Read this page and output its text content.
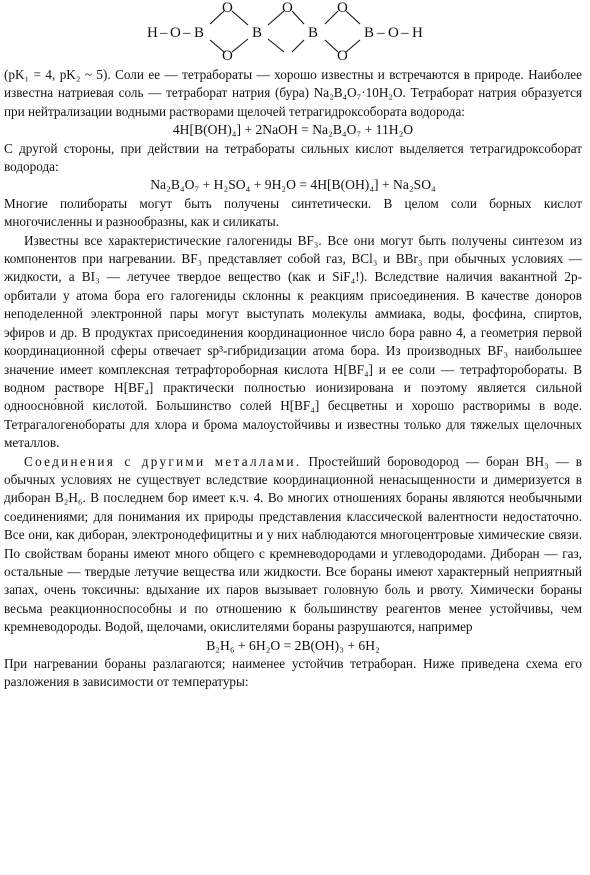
H – O – B
O
O
B
O
B
O
O
B – O – H

(pK₁ = 4, pK₂ ~ 5). Соли ее — тетрабораты — хорошо известны и встречаются в природе. Наиболее известна натриевая соль — тетраборат натрия (бура) Na₂B₄O₇·10H₂O. Тетраборат натрия образуется при нейтрализации водными растворами щелочей тетрагидроксобората водорода:

4H[B(OH)₄] + 2NaOH = Na₂B₄O₇ + 11H₂O

С другой стороны, при действии на тетрабораты сильных кислот выделяется тетрагидроксоборат водорода:

Na₂B₄O₇ + H₂SO₄ + 9H₂O = 4H[B(OH)₄] + Na₂SO₄

Многие полибораты могут быть получены синтетически. В целом соли борных кислот многочисленны и разнообразны, как и силикаты.

Известны все характеристические галогениды BF₃. Все они могут быть получены синтезом из компонентов при нагревании. BF₃ представляет собой газ, BCl₃ и BBr₃ при обычных условиях — жидкости, а BI₃ — летучее твердое вещество (как и SiF₄!). Вследствие наличия вакантной 2p-орбитали у атома бора его галогениды склонны к реакциям присоединения. В качестве доноров неподеленной электронной пары могут выступать молекулы аммиака, воды, фосфина, спиртов, эфиров и др. В продуктах присоединения координационное число бора равно 4, а геометрия первой координационной сферы отвечает sp³-гибридизации атома бора. Из производных BF₃ наибольшее значение имеет комплексная тетрафтороборная кислота H[BF₄] и ее соли — тетрафторобораты. В водном растворе H[BF₄] практически полностью ионизирована и поэтому является сильной одноосно́вной кислотой. Большинство солей H[BF₄] бесцветны и хорошо растворимы в воде. Тетрагалогенобораты для хлора и брома малоустойчивы и известны только для тяжелых щелочных металлов.

Соединения с другими металлами. Простейший бороводород — боран BH₃ — в обычных условиях не существует вследствие координационной ненасыщенности и димеризуется в диборан B₂H₆. В последнем бор имеет к.ч. 4. Во многих отношениях бораны являются необычными соединениями; для понимания их природы представления классической валентности недостаточно. Все они, как диборан, электронодефицитны и у них наблюдаются многоцентровые химические связи. По свойствам бораны имеют много общего с кремневодородами и углеводородами. Диборан — газ, остальные — твердые летучие вещества или жидкости. Все бораны имеют характерный неприятный запах, очень токсичны: вдыхание их паров вызывает головную боль и рвоту. Химически бораны весьма реакционноспособны и по отношению к большинству реагентов менее устойчивы, чем кремневодороды. Водой, щелочами, окислителями бораны разрушаются, например

B₂H₆ + 6H₂O = 2B(OH)₃ + 6H₂

При нагревании бораны разлагаются; наименее устойчив тетраборан. Ниже приведена схема его разложения в зависимости от температуры:
